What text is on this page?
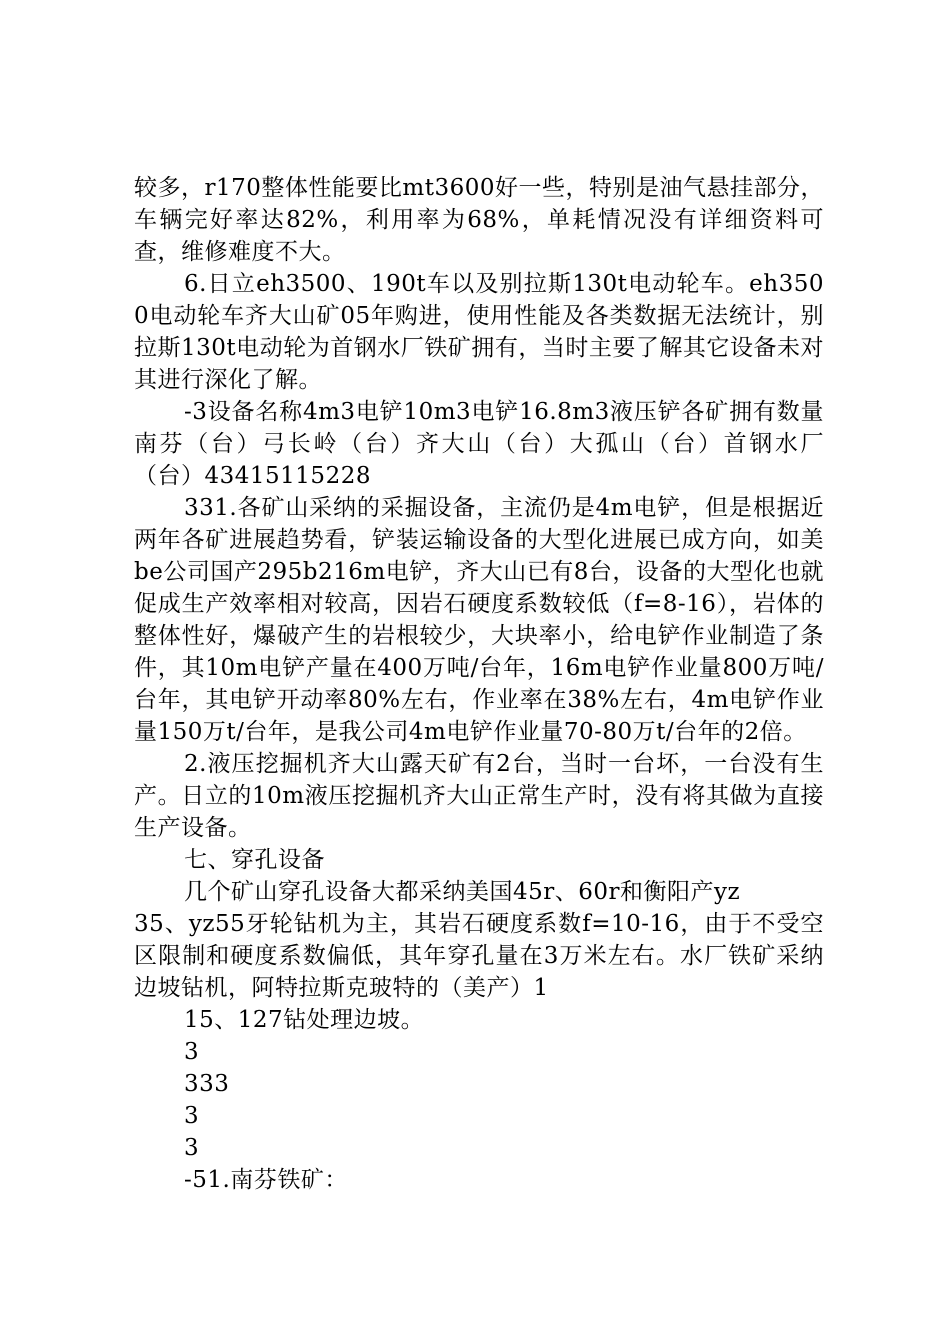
较多，r170整体性能要比mt3600好一些，特别是油气悬挂部分，车辆完好率达82%，利用率为68%，单耗情况没有详细资料可查，维修难度不大。

6.日立eh3500、190t车以及别拉斯130t电动轮车。eh3500电动轮车齐大山矿05年购进，使用性能及各类数据无法统计，别拉斯130t电动轮为首钢水厂铁矿拥有，当时主要了解其它设备未对其进行深化了解。

-3设备名称4m3电铲10m3电铲16.8m3液压铲各矿拥有数量南芬（台）弓长岭（台）齐大山（台）大孤山（台）首钢水厂（台）43415115228

331.各矿山采纳的采掘设备，主流仍是4m电铲，但是根据近两年各矿进展趋势看，铲装运输设备的大型化进展已成方向，如美be公司国产295b216m电铲，齐大山已有8台，设备的大型化也就促成生产效率相对较高，因岩石硬度系数较低（f=8-16），岩体的整体性好，爆破产生的岩根较少，大块率小，给电铲作业制造了条件，其10m电铲产量在400万吨/台年，16m电铲作业量800万吨/台年，其电铲开动率80%左右，作业率在38%左右，4m电铲作业量150万t/台年，是我公司4m电铲作业量70-80万t/台年的2倍。

2.液压挖掘机齐大山露天矿有2台，当时一台坏，一台没有生产。日立的10m液压挖掘机齐大山正常生产时，没有将其做为直接生产设备。

七、穿孔设备

几个矿山穿孔设备大都采纳美国45r、60r和衡阳产yz

35、yz55牙轮钻机为主，其岩石硬度系数f=10-16，由于不受空区限制和硬度系数偏低，其年穿孔量在3万米左右。水厂铁矿采纳边坡钻机，阿特拉斯克玻特的（美产）1

15、127钻处理边坡。

3

333

3

3

-51.南芬铁矿：
